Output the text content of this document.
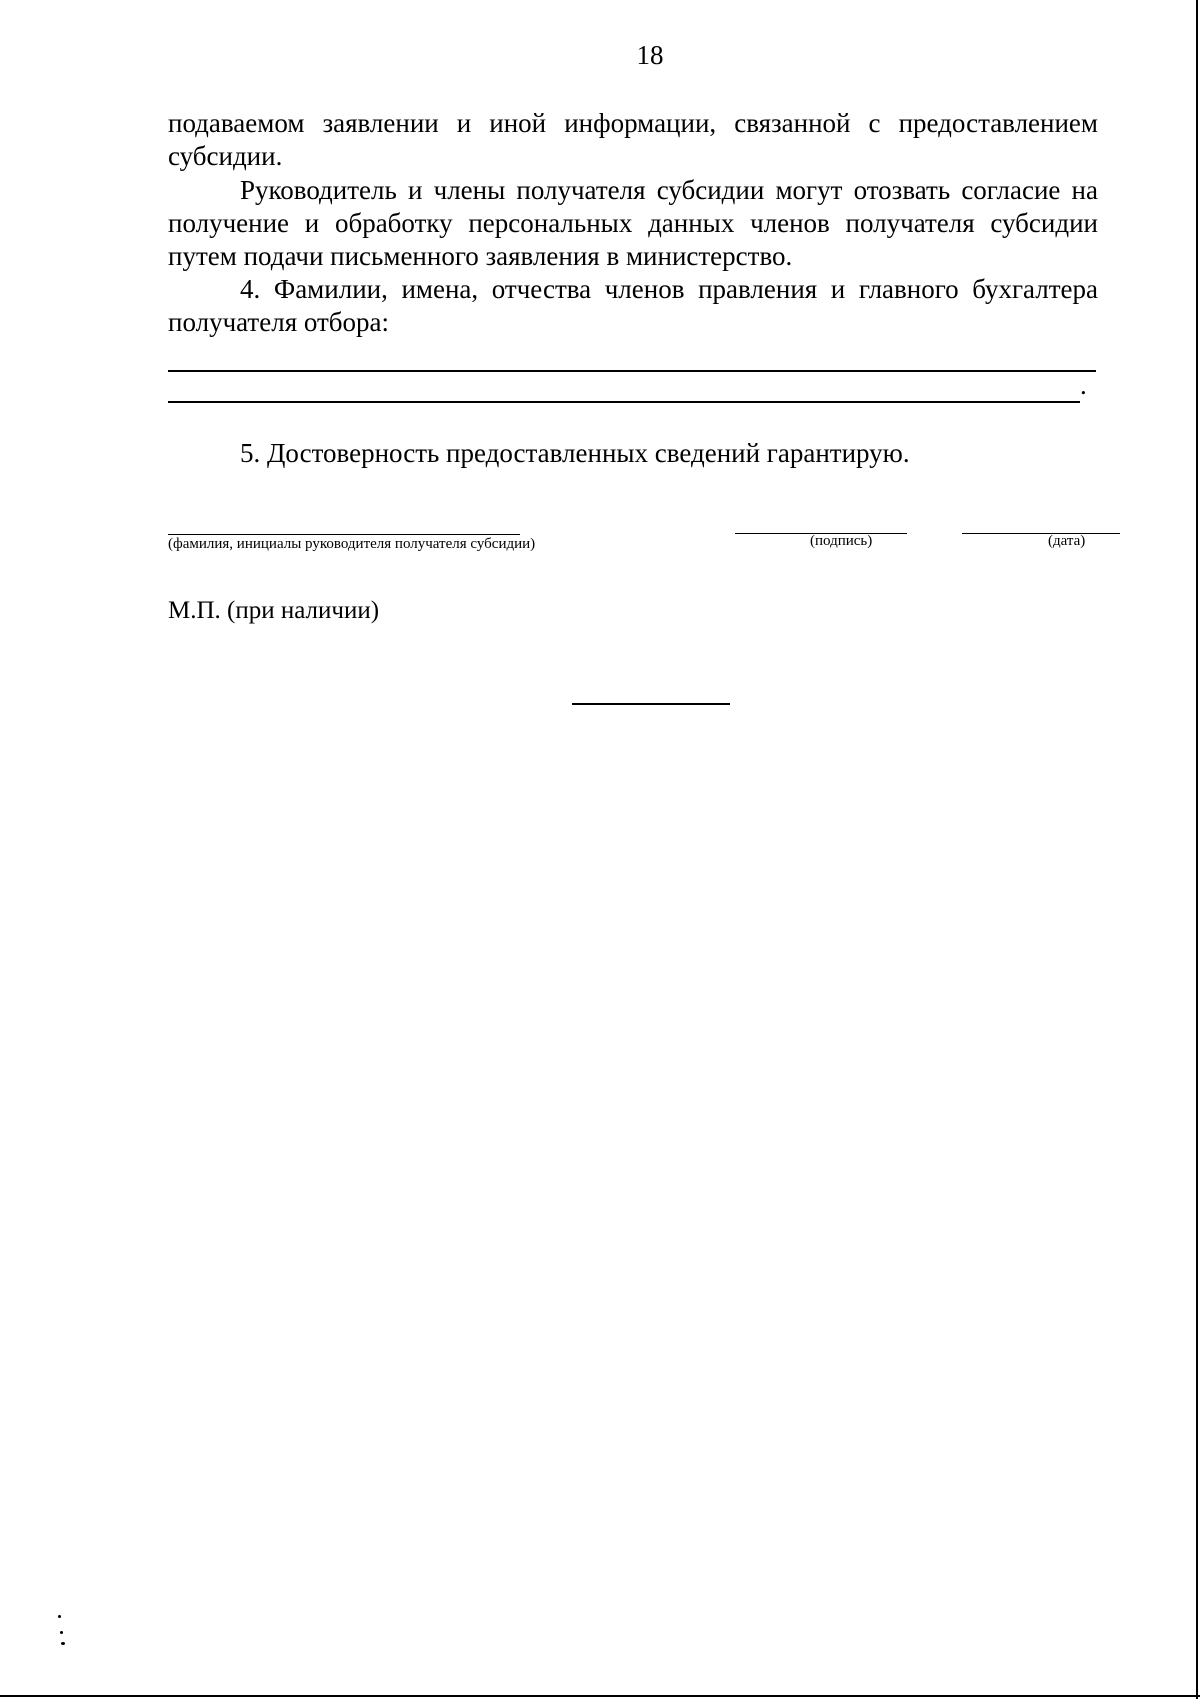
18
подаваемом заявлении и иной информации, связанной с предоставлением субсидии.
Руководитель и члены получателя субсидии могут отозвать согласие на получение и обработку персональных данных членов получателя субсидии путем подачи письменного заявления в министерство.
4. Фамилии, имена, отчества членов правления и главного бухгалтера получателя отбора:
.
5. Достоверность предоставленных сведений гарантирую.
(фамилия, инициалы руководителя получателя субсидии)	(подпись)	(дата)
М.П. (при наличии)
